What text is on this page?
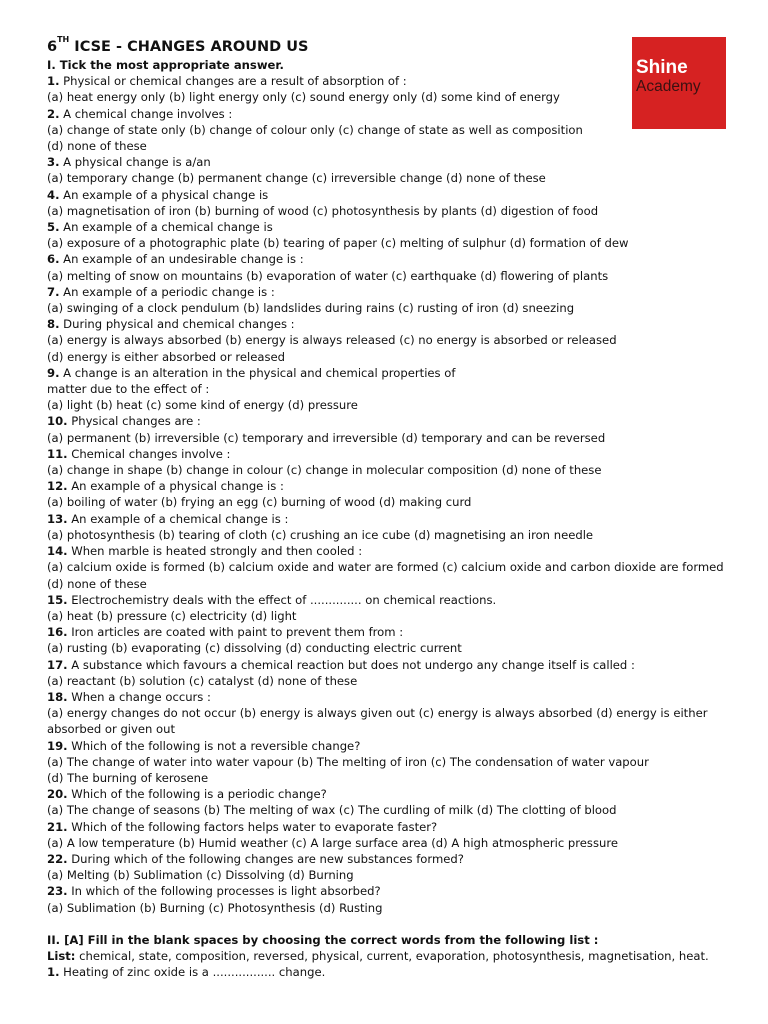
Shine
Academy
6TH ICSE - CHANGES AROUND US
I. Tick the most appropriate answer.
1. Physical or chemical changes are a result of absorption of :
(a) heat energy only (b) light energy only (c) sound energy only (d) some kind of energy
2. A chemical change involves :
(a) change of state only (b) change of colour only (c) change of state as well as composition
(d) none of these
3. A physical change is a/an
(a) temporary change (b) permanent change (c) irreversible change (d) none of these
4. An example of a physical change is
(a) magnetisation of iron (b) burning of wood (c) photosynthesis by plants (d) digestion of food
5. An example of a chemical change is
(a) exposure of a photographic plate (b) tearing of paper (c) melting of sulphur (d) formation of dew
6. An example of an undesirable change is :
(a) melting of snow on mountains (b) evaporation of water (c) earthquake (d) flowering of plants
7. An example of a periodic change is :
(a) swinging of a clock pendulum (b) landslides during rains (c) rusting of iron (d) sneezing
8. During physical and chemical changes :
(a) energy is always absorbed (b) energy is always released (c) no energy is absorbed or released
(d) energy is either absorbed or released
9. A change is an alteration in the physical and chemical properties of
matter due to the effect of :
(a) light (b) heat (c) some kind of energy (d) pressure
10. Physical changes are :
(a) permanent (b) irreversible (c) temporary and irreversible (d) temporary and can be reversed
11. Chemical changes involve :
(a) change in shape (b) change in colour (c) change in molecular composition (d) none of these
12. An example of a physical change is :
(a) boiling of water (b) frying an egg (c) burning of wood (d) making curd
13. An example of a chemical change is :
(a) photosynthesis (b) tearing of cloth (c) crushing an ice cube (d) magnetising an iron needle
14. When marble is heated strongly and then cooled :
(a) calcium oxide is formed (b) calcium oxide and water are formed (c) calcium oxide and carbon dioxide are formed
(d) none of these
15. Electrochemistry deals with the effect of .............. on chemical reactions.
(a) heat (b) pressure (c) electricity (d) light
16. Iron articles are coated with paint to prevent them from :
(a) rusting (b) evaporating (c) dissolving (d) conducting electric current
17. A substance which favours a chemical reaction but does not undergo any change itself is called :
(a) reactant (b) solution (c) catalyst (d) none of these
18. When a change occurs :
(a) energy changes do not occur (b) energy is always given out (c) energy is always absorbed (d) energy is either
absorbed or given out
19. Which of the following is not a reversible change?
(a) The change of water into water vapour (b) The melting of iron (c) The condensation of water vapour
(d) The burning of kerosene
20. Which of the following is a periodic change?
(a) The change of seasons (b) The melting of wax (c) The curdling of milk (d) The clotting of blood
21. Which of the following factors helps water to evaporate faster?
(a) A low temperature (b) Humid weather (c) A large surface area (d) A high atmospheric pressure
22. During which of the following changes are new substances formed?
(a) Melting (b) Sublimation (c) Dissolving (d) Burning
23. In which of the following processes is light absorbed?
(a) Sublimation (b) Burning (c) Photosynthesis (d) Rusting
II. [A] Fill in the blank spaces by choosing the correct words from the following list :
List: chemical, state, composition, reversed, physical, current, evaporation, photosynthesis, magnetisation, heat.
1. Heating of zinc oxide is a ................. change.
